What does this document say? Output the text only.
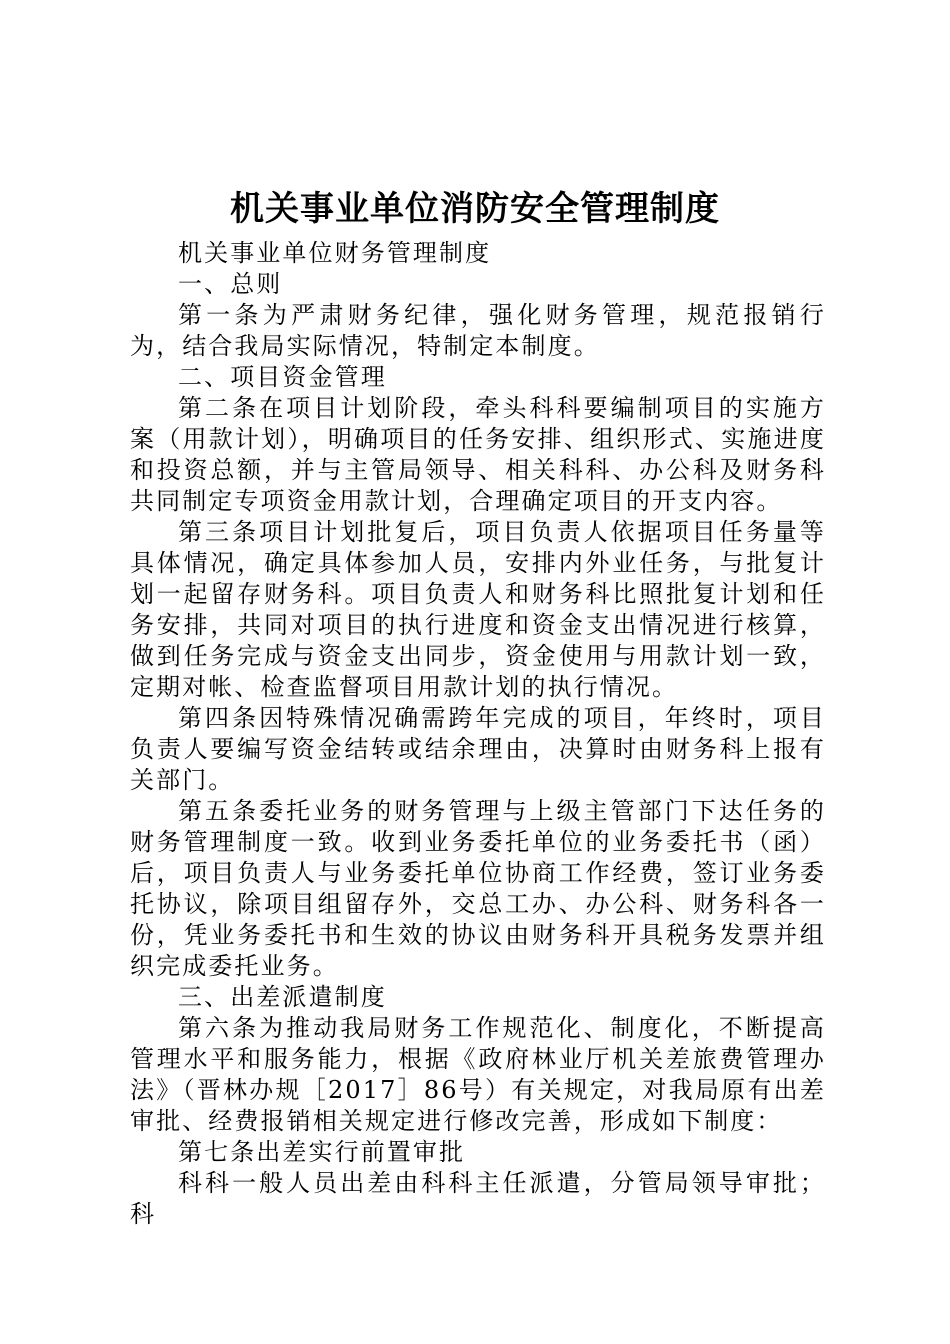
机关事业单位消防安全管理制度

机关事业单位财务管理制度

一、总则

第一条为严肃财务纪律，强化财务管理，规范报销行为，结合我局实际情况，特制定本制度。

二、项目资金管理

第二条在项目计划阶段，牵头科科要编制项目的实施方案（用款计划），明确项目的任务安排、组织形式、实施进度和投资总额，并与主管局领导、相关科科、办公科及财务科共同制定专项资金用款计划，合理确定项目的开支内容。

第三条项目计划批复后，项目负责人依据项目任务量等具体情况，确定具体参加人员，安排内外业任务，与批复计划一起留存财务科。项目负责人和财务科比照批复计划和任务安排，共同对项目的执行进度和资金支出情况进行核算，做到任务完成与资金支出同步，资金使用与用款计划一致，定期对帐、检查监督项目用款计划的执行情况。

第四条因特殊情况确需跨年完成的项目，年终时，项目负责人要编写资金结转或结余理由，决算时由财务科上报有关部门。

第五条委托业务的财务管理与上级主管部门下达任务的财务管理制度一致。收到业务委托单位的业务委托书（函）后，项目负责人与业务委托单位协商工作经费，签订业务委托协议，除项目组留存外，交总工办、办公科、财务科各一份，凭业务委托书和生效的协议由财务科开具税务发票并组织完成委托业务。

三、出差派遣制度

第六条为推动我局财务工作规范化、制度化，不断提高管理水平和服务能力，根据《政府林业厅机关差旅费管理办法》（晋林办规［2017］86号）有关规定，对我局原有出差审批、经费报销相关规定进行修改完善，形成如下制度：

第七条出差实行前置审批

科科一般人员出差由科科主任派遣，分管局领导审批；科
